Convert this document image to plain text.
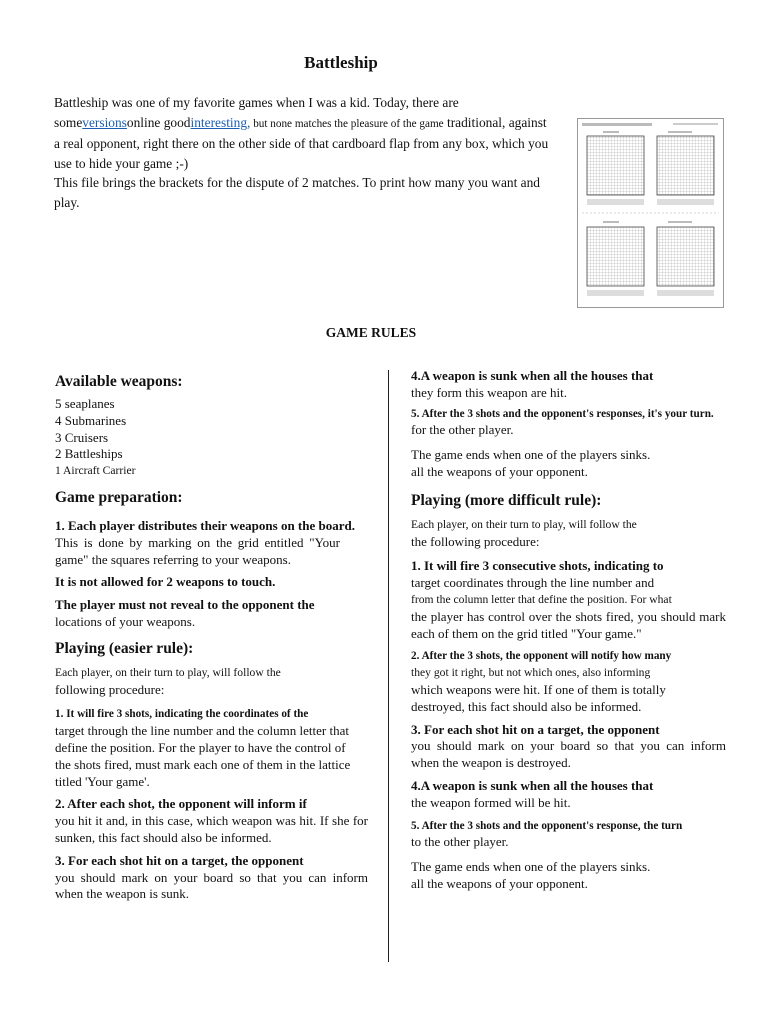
Battleship
Battleship was one of my favorite games when I was a kid. Today, there are someversionsonline goodinteresting, but none matches the pleasure of the game traditional, against a real opponent, right there on the other side of that cardboard flap from any box, which you use to hide your game ;-)
This file brings the brackets for the dispute of 2 matches. To print how many you want and play.
GAME RULES
Available weapons:

5 seaplanes

4 Submarines

3 Cruisers

2 Battleships

1 Aircraft Carrier

Game preparation:

1. Each player distributes their weapons on the board.

This is done by marking on the grid entitled "Your game" the squares referring to your weapons.

It is not allowed for 2 weapons to touch.

The player must not reveal to the opponent the

locations of your weapons.

Playing (easier rule):

Each player, on their turn to play, will follow the

following procedure:

1. It will fire 3 shots, indicating the coordinates of the

target through the line number and the column letter that define the position. For the player to have the control of the shots fired, must mark each one of them in the lattice titled 'Your game'.

2. After each shot, the opponent will inform if

you hit it and, in this case, which weapon was hit. If she for sunken, this fact should also be informed.

3. For each shot hit on a target, the opponent

you should mark on your board so that you can inform when the weapon is sunk.

4.A weapon is sunk when all the houses that

they form this weapon are hit.

5. After the 3 shots and the opponent's responses, it's your turn.

for the other player.

The game ends when one of the players sinks.

all the weapons of your opponent.

Playing (more difficult rule):

Each player, on their turn to play, will follow the

the following procedure:

1. It will fire 3 consecutive shots, indicating to

target coordinates through the line number and

from the column letter that define the position. For what

the player has control over the shots fired, you should mark each of them on the grid titled "Your game."

2. After the 3 shots, the opponent will notify how many

they got it right, but not which ones, also informing

which weapons were hit. If one of them is totally destroyed, this fact should also be informed.

3. For each shot hit on a target, the opponent

you should mark on your board so that you can inform when the weapon is destroyed.

4.A weapon is sunk when all the houses that

the weapon formed will be hit.

5. After the 3 shots and the opponent's response, the turn

to the other player.

The game ends when one of the players sinks.

all the weapons of your opponent.
